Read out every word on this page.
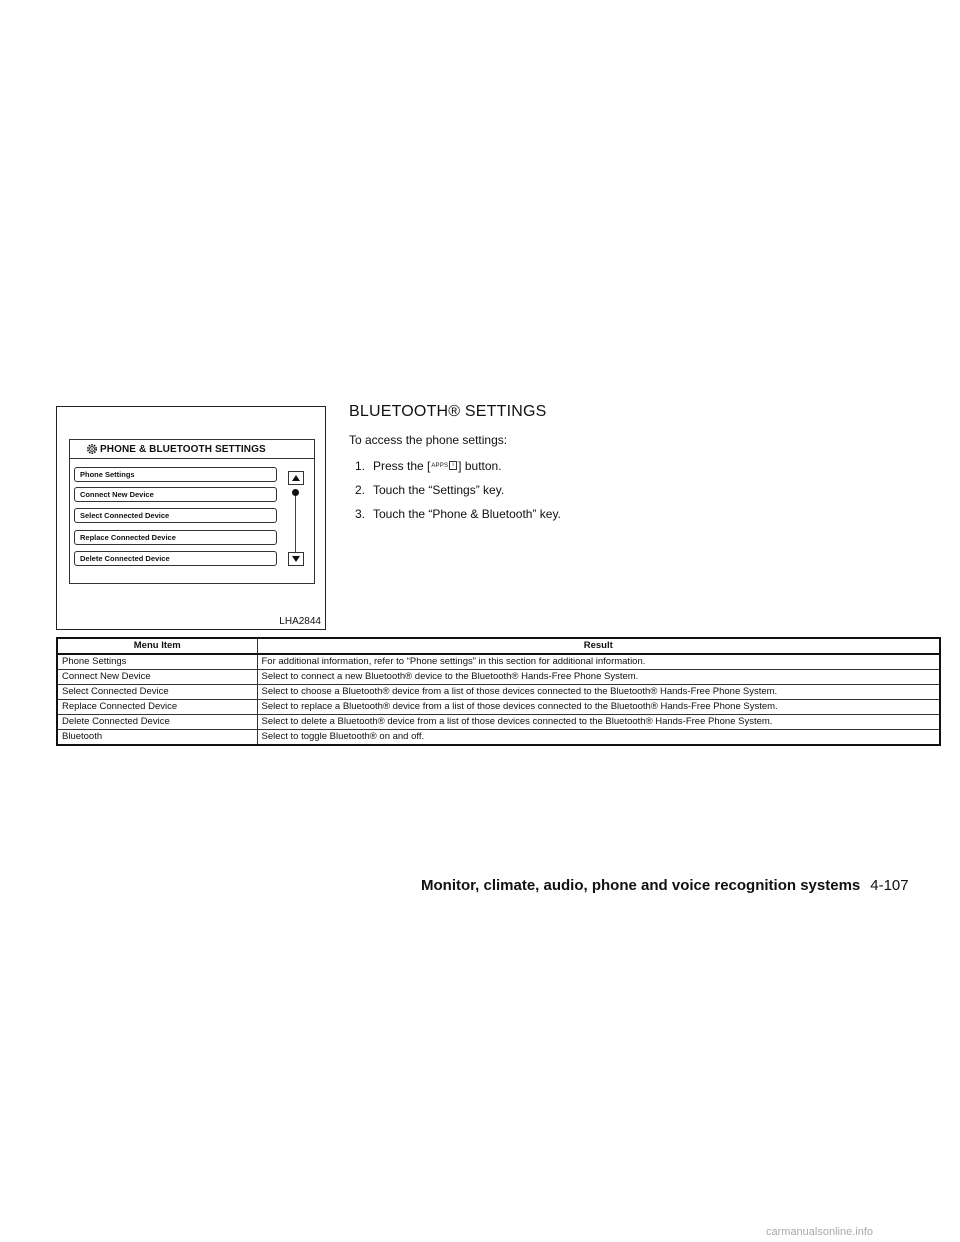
PHONE & BLUETOOTH SETTINGS
Phone Settings
Connect New Device
Select Connected Device
Replace Connected Device
Delete Connected Device
LHA2844
BLUETOOTH® SETTINGS
To access the phone settings:
1. Press the [APPS i ] button.
2. Touch the “Settings” key.
3. Touch the “Phone & Bluetooth” key.
Menu Item	Result
Phone Settings	For additional information, refer to “Phone settings” in this section for additional information.
Connect New Device	Select to connect a new Bluetooth® device to the Bluetooth® Hands-Free Phone System.
Select Connected Device	Select to choose a Bluetooth® device from a list of those devices connected to the Bluetooth® Hands-Free Phone System.
Replace Connected Device	Select to replace a Bluetooth® device from a list of those devices connected to the Bluetooth® Hands-Free Phone System.
Delete Connected Device	Select to delete a Bluetooth® device from a list of those devices connected to the Bluetooth® Hands-Free Phone System.
Bluetooth	Select to toggle Bluetooth® on and off.
Monitor, climate, audio, phone and voice recognition systems 4-107
carmanualsonline.info
